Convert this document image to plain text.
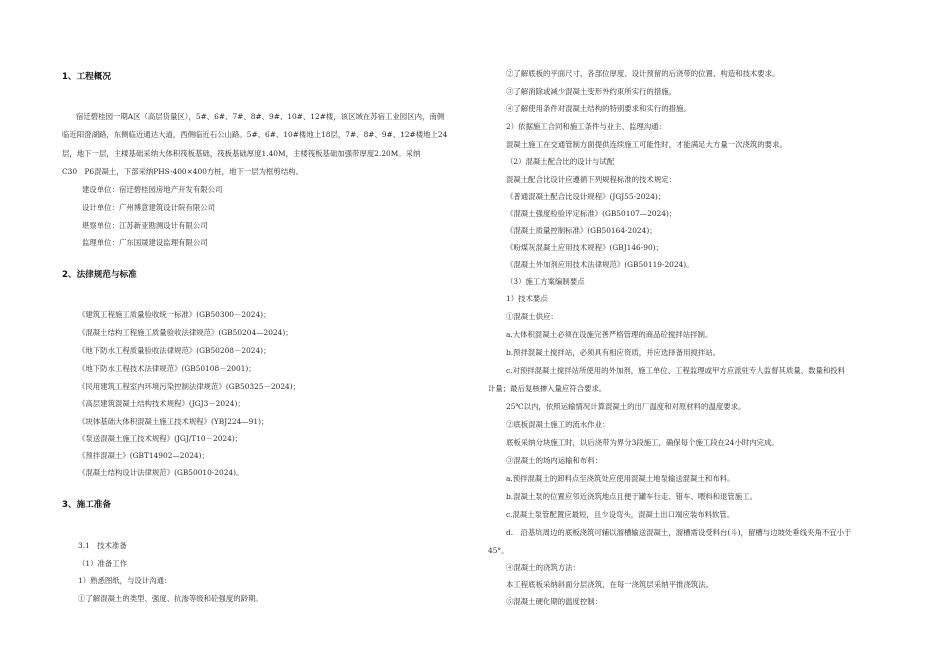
1、工程概况
宿迁碧桂园一期A区（高层货量区），5#、6#、7#、8#、9#、10#、12#楼，该区域在苏宿工业园区内，南侧
临近阳澄湖路，东侧临近通达大道，西侧临近石公山路。5#、6#、10#楼地上18层，7#、8#、9#、12#楼地上24
层，地下一层，主楼基础采纳大体积筏板基础，筏板基础厚度1.40M，主楼筏板基础加强带厚度2.20M。采纳
C30　P6混凝土，下部采纳PHS-400×400方桩，地下一层为框剪结构。
建设单位：宿迁碧桂园房地产开发有限公司
设计单位：广州博意建筑设计院有限公司
堪察单位：江苏新亚勘测设计有限公司
监理单位：广东国晟建设监理有限公司
2、法律规范与标准
《建筑工程施工质量验收统一标准》(GB50300－2024)；
《混凝土结构工程施工质量验收法律规范》(GB50204—2024)；
《地下防水工程质量验收法律规范》(GB50208－2024)；
《地下防水工程技术法律规范》(GB50108－2001)；
《民用建筑工程室内环境污染控制法律规范》(GB50325－2024)；
《高层建筑混凝土结构技术规程》(JGJ3－2024)；
《块体基础大体积混凝土施工技术规程》(YBJ224—91)；
《泵送混凝土施工技术规程》(JGJ/T10－2024)；
《预拌混凝土》(GBT14902—2024)；
《混凝土结构设计法律规范》(GB50010-2024)。
3、施工准备
3.1　技术准备
（1）准备工作
1）熟悉图纸，与设计沟通：
①了解混凝土的类型、强度、抗渗等级和砼强度的龄期。
②了解底板的平面尺寸、各部位厚度、设计预留的后浇带的位置、构造和技术要求。
③了解消除或减少混凝土变形外约束所实行的措施。
④了解使用条件对混凝土结构的特别要求和实行的措施。
2）依据施工合同和施工条件与业主、监理沟通：
混凝土施工在交通管制方面提供连续施工可能性时，才能满足大方量一次浇筑的要求。
（2）混凝土配合比的设计与试配
混凝土配合比设计应遵循下列规程标准的技术规定：
《普通混凝土配合比设计规程》(JGJ55-2024)；
《混凝土强度检验评定标准》(GB50107—2024)；
《混凝土质量控制标准》(GB50164-2024)；
《粉煤灰混凝土应用技术规程》(GBJ146-90)；
《混凝土外加剂应用技术法律规范》(GB50119-2024)。
（3）施工方案编制要点
1）技术要点
①混凝土供应：
a.大体积混凝土必须在设施完善严格管理的商品砼搅拌站拌制。
b.预拌混凝土搅拌站，必须具有相应资质，并应选择备用搅拌站。
c.对预拌混凝土搅拌站所使用的外加剂，施工单位、工程监理或甲方应派驻专人监督其质量、数量和投料
计量；最后复核掺入量应符合要求。
25℃以内，依照运输情况计算混凝土的出厂温度和对原材料的温度要求。
②底板混凝土施工的流水作业：
底板采纳分块施工时，以后浇带为界分3段施工，确保每个施工段在24小时内完成。
③混凝土的场内运输和布料：
a.预拌混凝土的卸料点至浇筑处应使用混凝土地泵输送混凝土和布料。
b.混凝土泵的位置应邻近浇筑地点且便于罐车行走、错车、喂料和退管施工。
c.混凝土泵管配置应最短，且少设弯头，混凝土出口端应装布料软管。
d.　沿基坑周边的底板浇筑可辅以溜槽输送混凝土，溜槽需设受料台(斗)，留槽与边坡处垂线夹角不宜小于
45°。
④混凝土的浇筑方法：
本工程底板采纳斜面分层浇筑，在每一浇筑层采纳平推浇筑法。
⑤混凝土硬化期的温度控制：
